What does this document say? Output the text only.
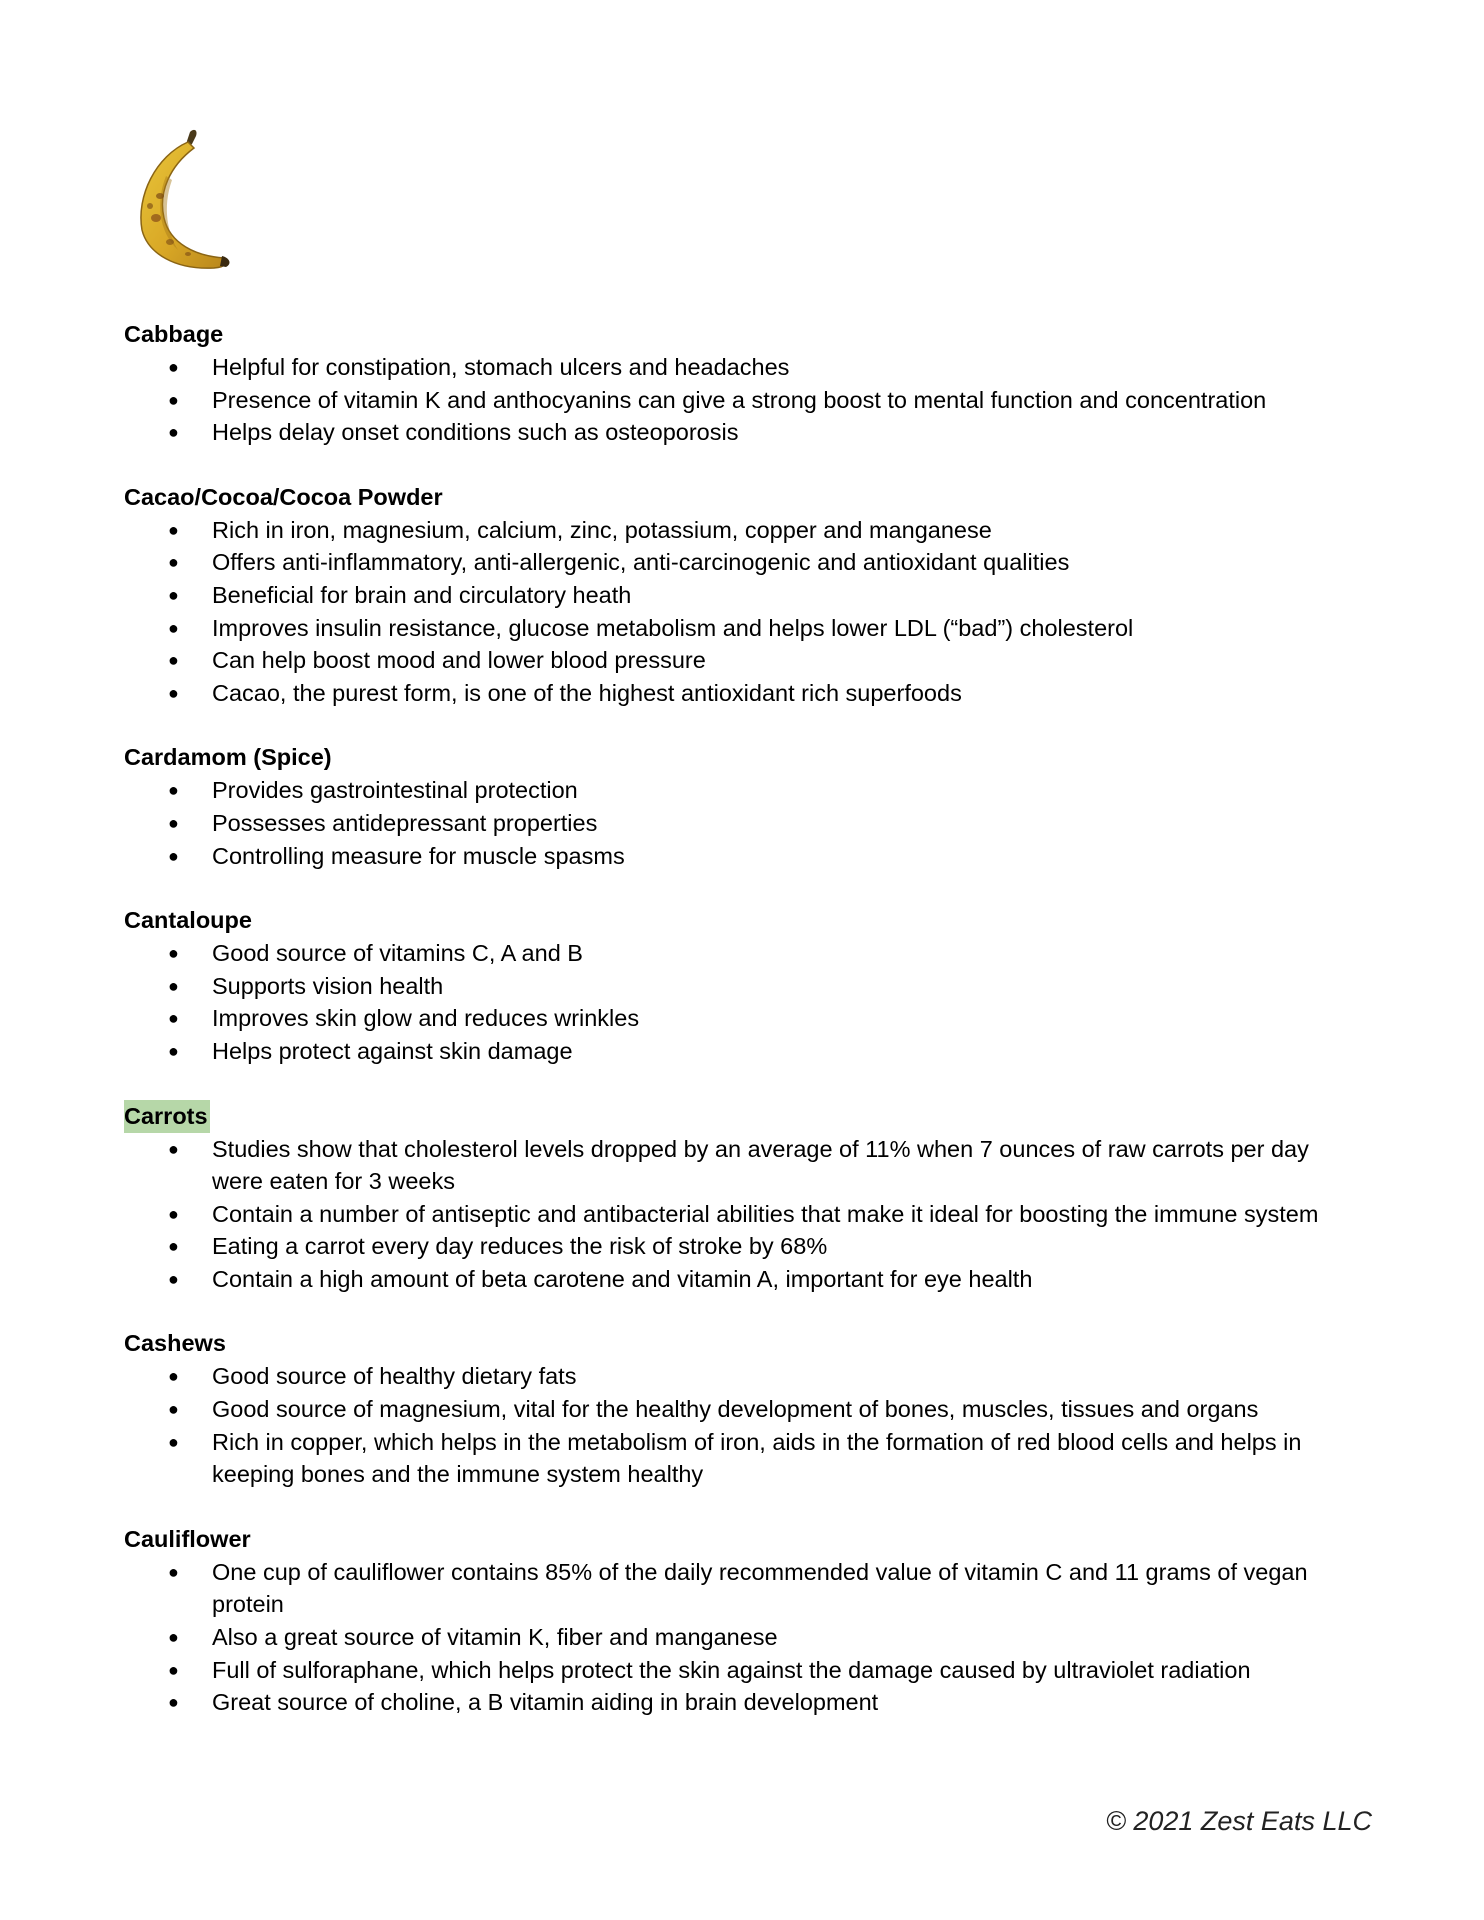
Cabbage
● Helpful for constipation, stomach ulcers and headaches
● Presence of vitamin K and anthocyanins can give a strong boost to mental function and concentration
● Helps delay onset conditions such as osteoporosis
Cacao/Cocoa/Cocoa Powder
● Rich in iron, magnesium, calcium, zinc, potassium, copper and manganese
● Offers anti-inflammatory, anti-allergenic, anti-carcinogenic and antioxidant qualities
● Beneficial for brain and circulatory heath
● Improves insulin resistance, glucose metabolism and helps lower LDL (“bad”) cholesterol
● Can help boost mood and lower blood pressure
● Cacao, the purest form, is one of the highest antioxidant rich superfoods
Cardamom (Spice)
● Provides gastrointestinal protection
● Possesses antidepressant properties
● Controlling measure for muscle spasms
Cantaloupe
● Good source of vitamins C, A and B
● Supports vision health
● Improves skin glow and reduces wrinkles
● Helps protect against skin damage
Carrots
● Studies show that cholesterol levels dropped by an average of 11% when 7 ounces of raw carrots per day were eaten for 3 weeks
● Contain a number of antiseptic and antibacterial abilities that make it ideal for boosting the immune system
● Eating a carrot every day reduces the risk of stroke by 68%
● Contain a high amount of beta carotene and vitamin A, important for eye health
Cashews
● Good source of healthy dietary fats
● Good source of magnesium, vital for the healthy development of bones, muscles, tissues and organs
● Rich in copper, which helps in the metabolism of iron, aids in the formation of red blood cells and helps in keeping bones and the immune system healthy
Cauliflower
● One cup of cauliflower contains 85% of the daily recommended value of vitamin C and 11 grams of vegan protein
● Also a great source of vitamin K, fiber and manganese
● Full of sulforaphane, which helps protect the skin against the damage caused by ultraviolet radiation
● Great source of choline, a B vitamin aiding in brain development
© 2021 Zest Eats LLC
